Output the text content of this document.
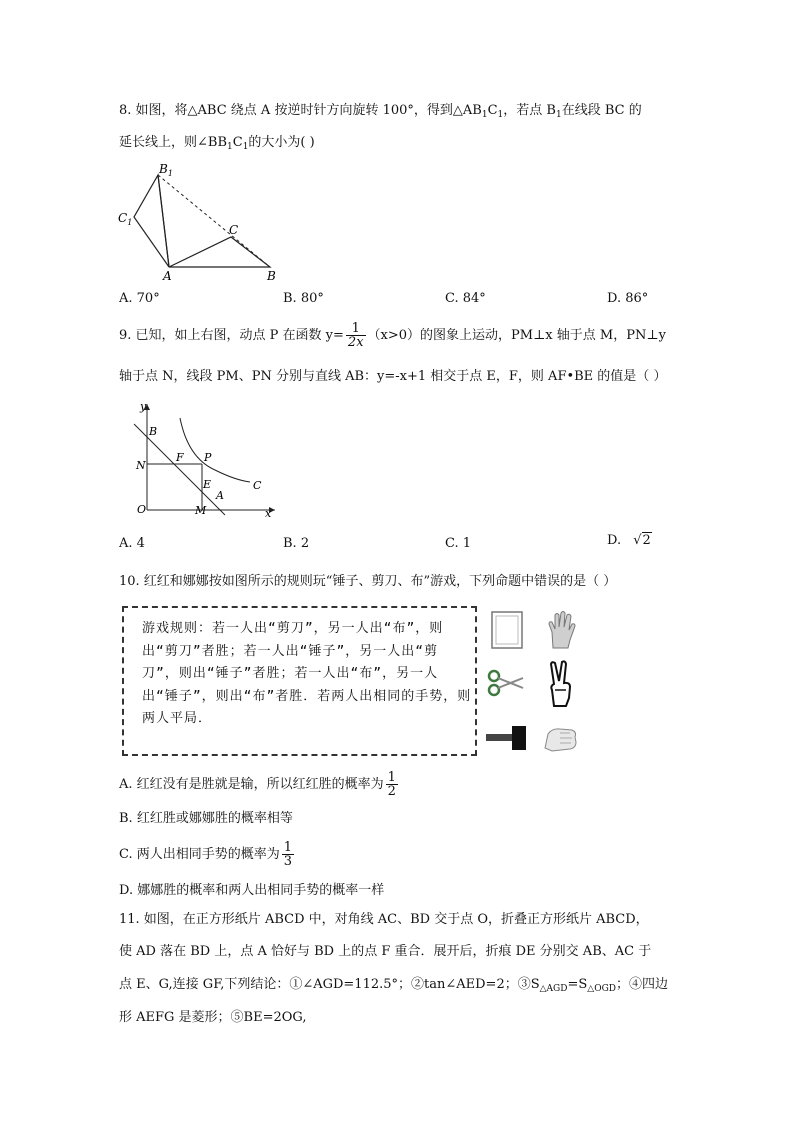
8. 如图，将△ABC 绕点 A 按逆时针方向旋转 100°，得到$\triangle AB_1C_1$，若点 $B_1$在线段 BC 的
延长线上，则$\angle BB_1C_1$的大小为( )
$B_1$
$C_1$
C
A	B
A. 70°	B. 80°	C. 84°	D. 86°
9. 已知，如上右图，动点 P 在函数 $y= \frac{1}{2x} (x>0)$的图象上运动，PM⊥x 轴于点 M，PN⊥y
轴于点 N，线段 PM、PN 分别与直线 AB：y=-x+1 相交于点 E，F，则 AF•BE 的值是（ ）
y
x
B
N
F P
E
A
C
O	M
A. 4	B. 2	C. 1	D. √2
10. 红红和娜娜按如图所示的规则玩“锤子、剪刀、布”游戏，下列命题中错误的是（ ）
游戏规则：若一人出“剪刀”，另一人出“布”，则出“剪刀”者胜；若一人出“锤子”，另一人出“剪刀”，则出“锤子”者胜；若一人出“布”，另一人出“锤子”，则出“布”者胜．若两人出相同的手势，则两人平局．
A. 红红没有是胜就是输，所以红红胜的概率为 $\frac{1}{2}$
B. 红红胜或娜娜胜的概率相等
C. 两人出相同手势的概率为 $\frac{1}{3}$
D. 娜娜胜的概率和两人出相同手势的概率一样
11. 如图，在正方形纸片 ABCD 中，对角线 AC、BD 交于点 O，折叠正方形纸片 ABCD，
使 AD 落在 BD 上，点 A 恰好与 BD 上的点 F 重合．展开后，折痕 DE 分别交 AB、AC 于
点 E、G,连接 GF,下列结论：①∠AGD=112.5°；②tan∠AED=2；$③S_{\triangle AGD}=S_{\triangle OGD}$；④四边
形 AEFG 是菱形；⑤BE=2OG,
